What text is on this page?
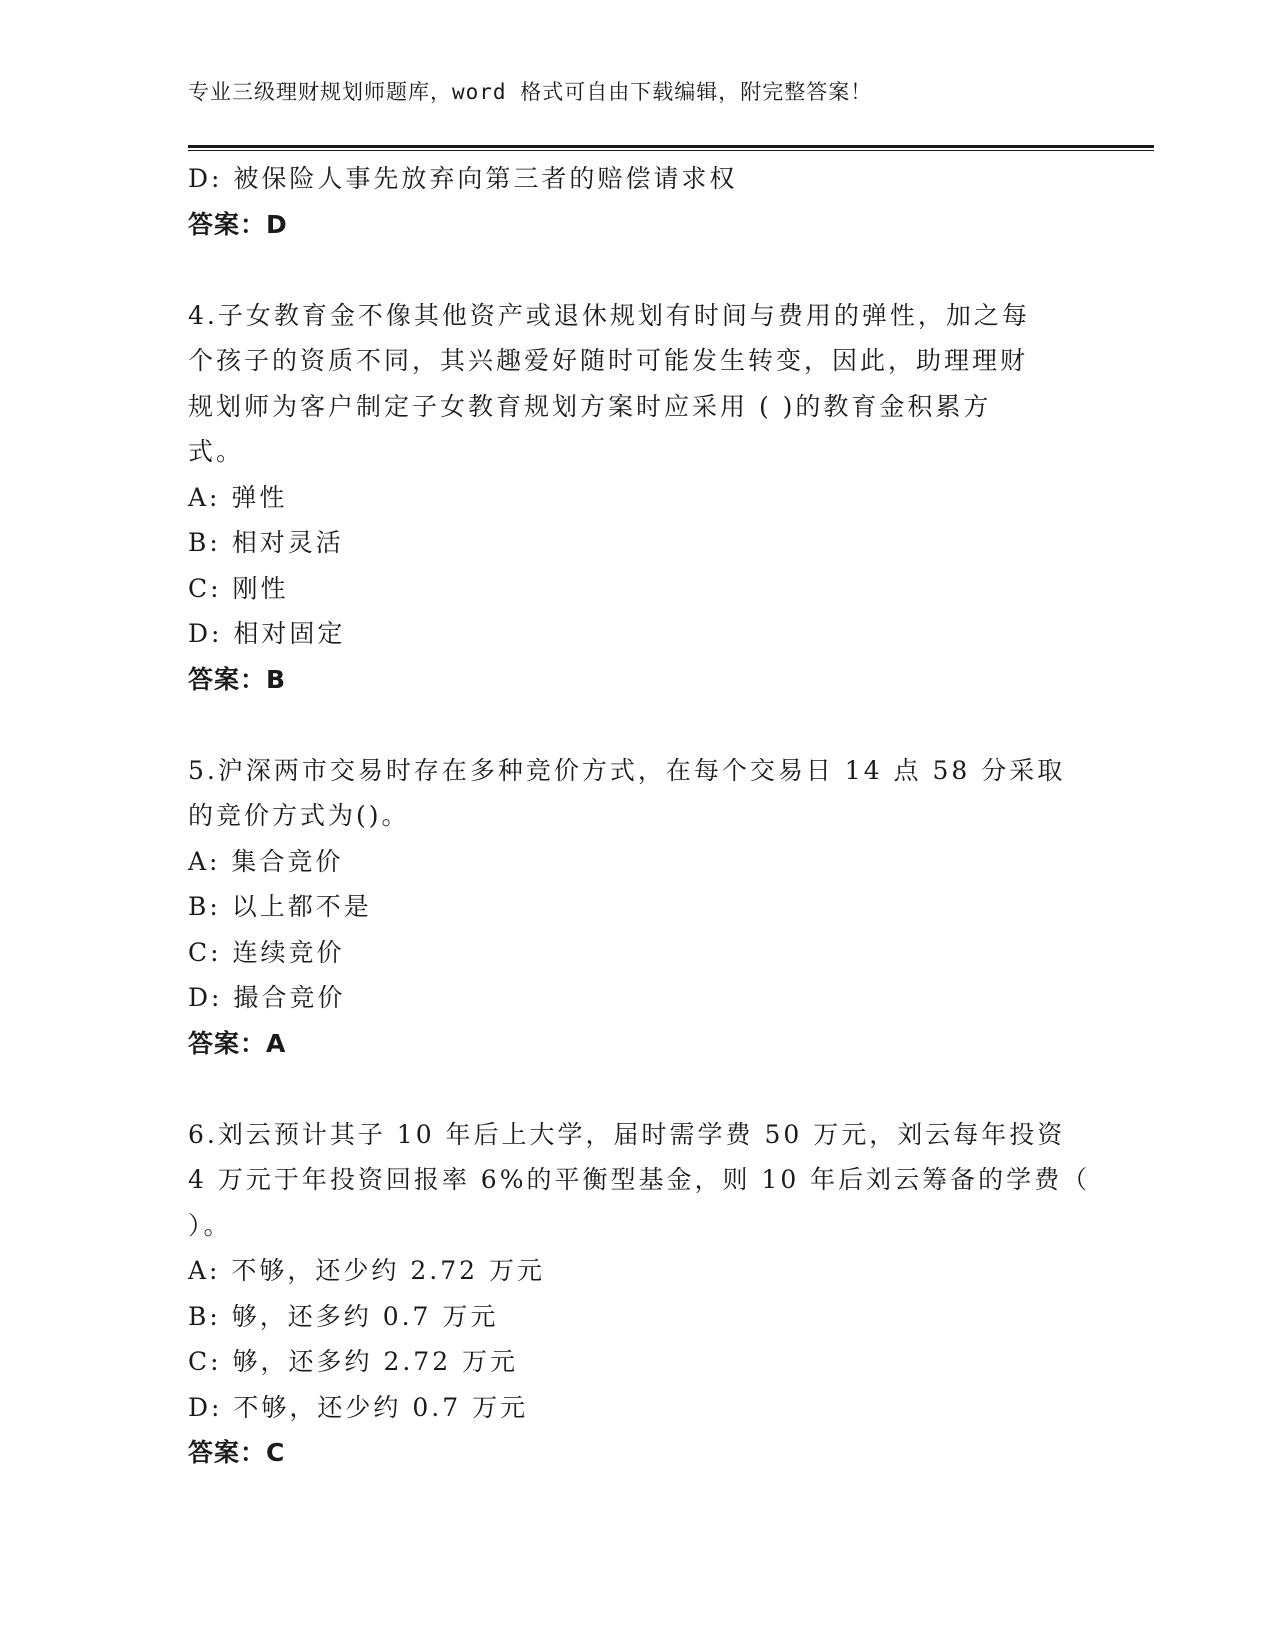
专业三级理财规划师题库，word 格式可自由下载编辑，附完整答案！
D: 被保险人事先放弃向第三者的赔偿请求权
答案：D
4.子女教育金不像其他资产或退休规划有时间与费用的弹性，加之每
个孩子的资质不同，其兴趣爱好随时可能发生转变，因此，助理理财
规划师为客户制定子女教育规划方案时应采用 ( )的教育金积累方
式。
A: 弹性
B: 相对灵活
C: 刚性
D: 相对固定
答案：B
5.沪深两市交易时存在多种竞价方式，在每个交易日 14 点 58 分采取
的竞价方式为()。
A: 集合竞价
B: 以上都不是
C: 连续竞价
D: 撮合竞价
答案：A
6.刘云预计其子 10 年后上大学，届时需学费 50 万元，刘云每年投资
4 万元于年投资回报率 6%的平衡型基金，则 10 年后刘云筹备的学费（
）。
A: 不够，还少约 2.72 万元
B: 够，还多约 0.7 万元
C: 够，还多约 2.72 万元
D: 不够，还少约 0.7 万元
答案：C
